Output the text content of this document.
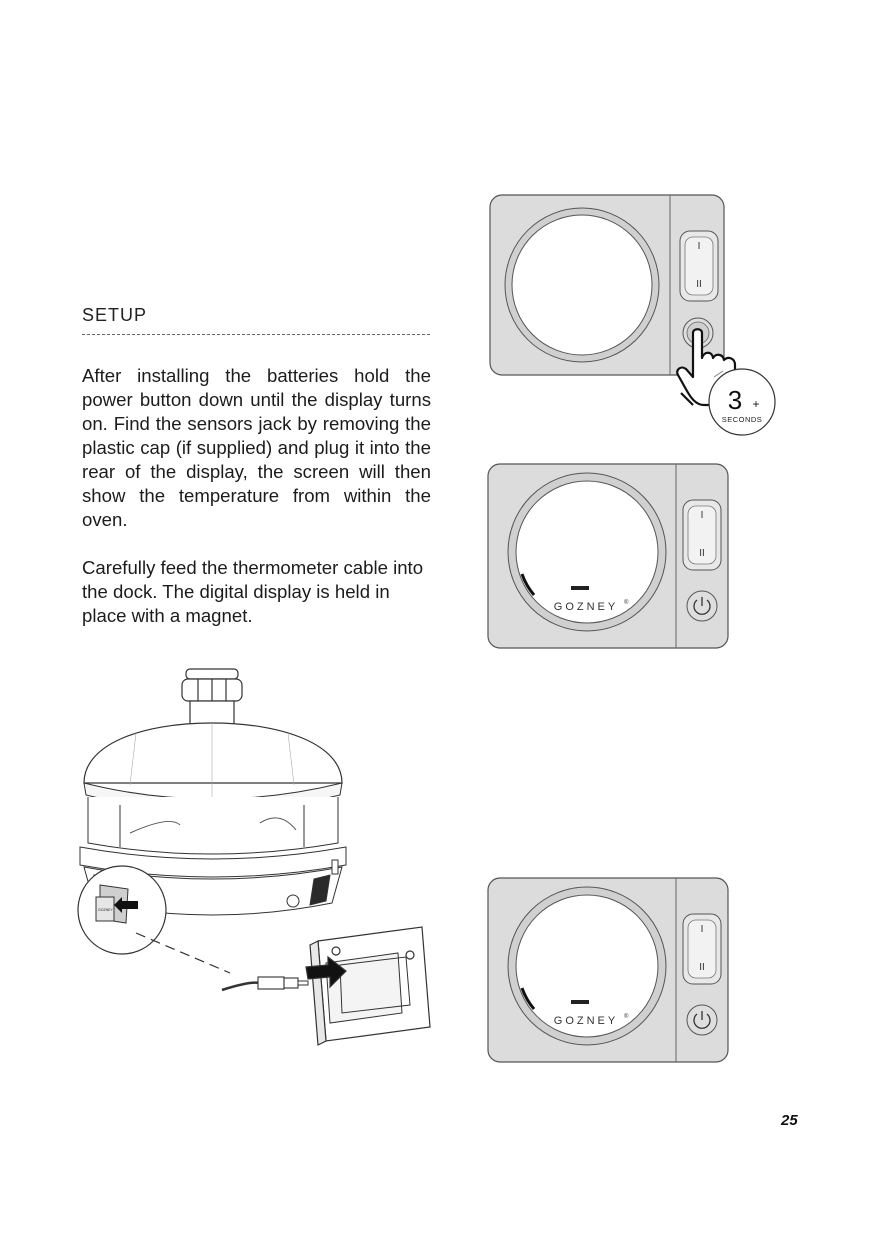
SETUP

After installing the batteries hold the power button down until the display turns on. Find the sensors jack by removing the plastic cap (if supplied) and plug it into the rear of the display, the screen will then show the temperature from within the oven.

Carefully feed the thermometer cable into the dock. The digital display is held in place with a magnet.

I
II
3 +
SECONDS
GOZNEY ®
I
II
GOZNEY ®
I
II
GOZNEY
25
